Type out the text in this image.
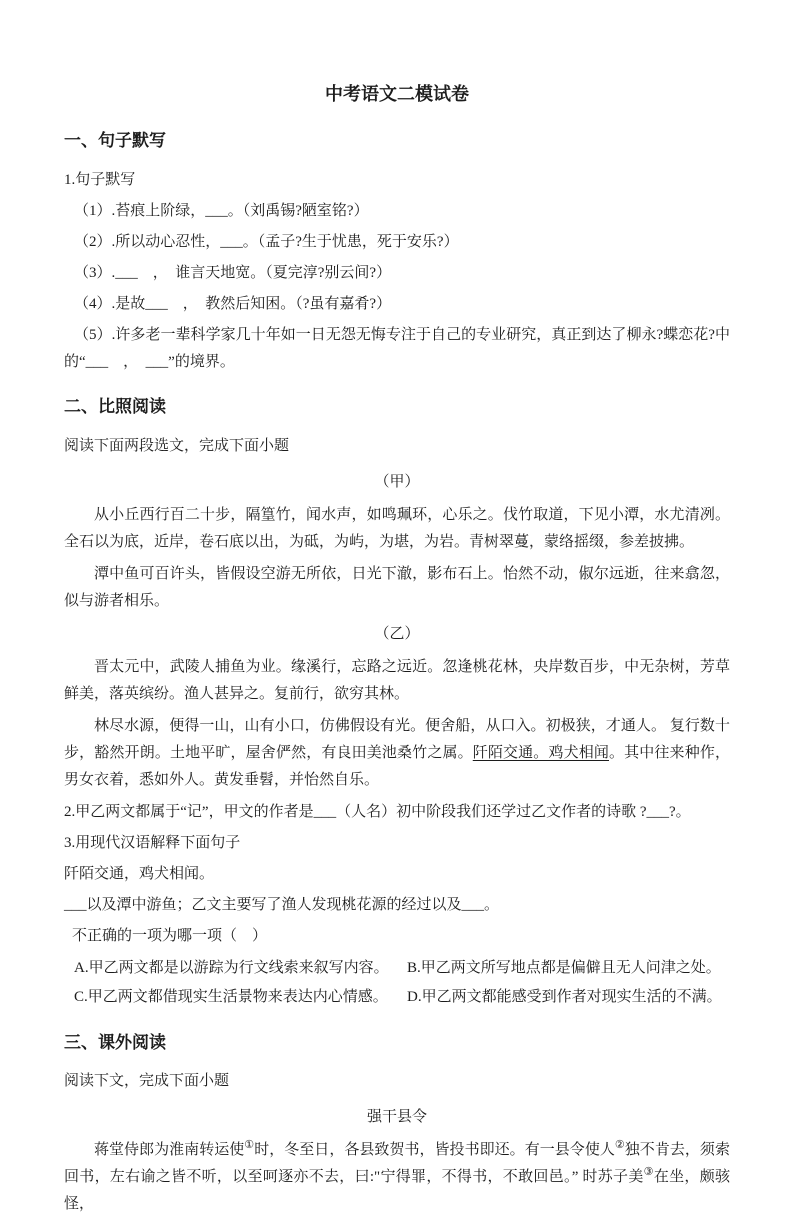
中考语文二模试卷
一、句子默写

1.句子默写

（1）.苔痕上阶绿，___。（刘禹锡?陋室铭?）

（2）.所以动心忍性，___。（孟子?生于忧患，死于安乐?）

（3）.___　，　谁言天地宽。（夏完淳?别云间?）

（4）.是故___　，　教然后知困。（?虽有嘉肴?）

（5）.许多老一辈科学家几十年如一日无怨无悔专注于自己的专业研究，真正到达了柳永?蝶恋花?中的“___　，　___”的境界。

二、比照阅读

阅读下面两段选文，完成下面小题

（甲）

从小丘西行百二十步，隔篁竹，闻水声，如鸣珮环，心乐之。伐竹取道，下见小潭，水尤清冽。全石以为底，近岸，卷石底以出，为砥，为屿，为堪，为岩。青树翠蔓，蒙络摇缀，参差披拂。

潭中鱼可百许头，皆假设空游无所依，日光下澈，影布石上。怡然不动，俶尔远逝，往来翕忽，似与游者相乐。

（乙）

晋太元中，武陵人捕鱼为业。缘溪行，忘路之远近。忽逢桃花林，央岸数百步，中无杂树，芳草鲜美，落英缤纷。渔人甚异之。复前行，欲穷其林。

林尽水源，便得一山，山有小口，仿佛假设有光。便舍船，从口入。初极狭，才通人。 复行数十步，豁然开朗。土地平旷，屋舍俨然，有良田美池桑竹之属。阡陌交通。鸡犬相闻。其中往来种作，男女衣着，悉如外人。黄发垂髫，并怡然自乐。

2.甲乙两文都属于“记”，甲文的作者是___（人名）初中阶段我们还学过乙文作者的诗歌 ?___?。

3.用现代汉语解释下面句子

阡陌交通，鸡犬相闻。

___以及潭中游鱼；乙文主要写了渔人发现桃花源的经过以及___。

不正确的一项为哪一项（　）

A.甲乙两文都是以游踪为行文线索来叙写内容。	B.甲乙两文所写地点都是偏僻且无人问津之处。
C.甲乙两文都借现实生活景物来表达内心情感。	D.甲乙两文都能感受到作者对现实生活的不满。
三、课外阅读

阅读下文，完成下面小题

强干县令

蒋堂侍郎为淮南转运使①时，冬至日，各县致贺书，皆投书即还。有一县令使人②独不肯去，须索回书，左右谕之皆不听，以至呵逐亦不去，曰:"宁得罪，不得书，不敢回邑。” 时苏子美③在坐，颇骇怪，
